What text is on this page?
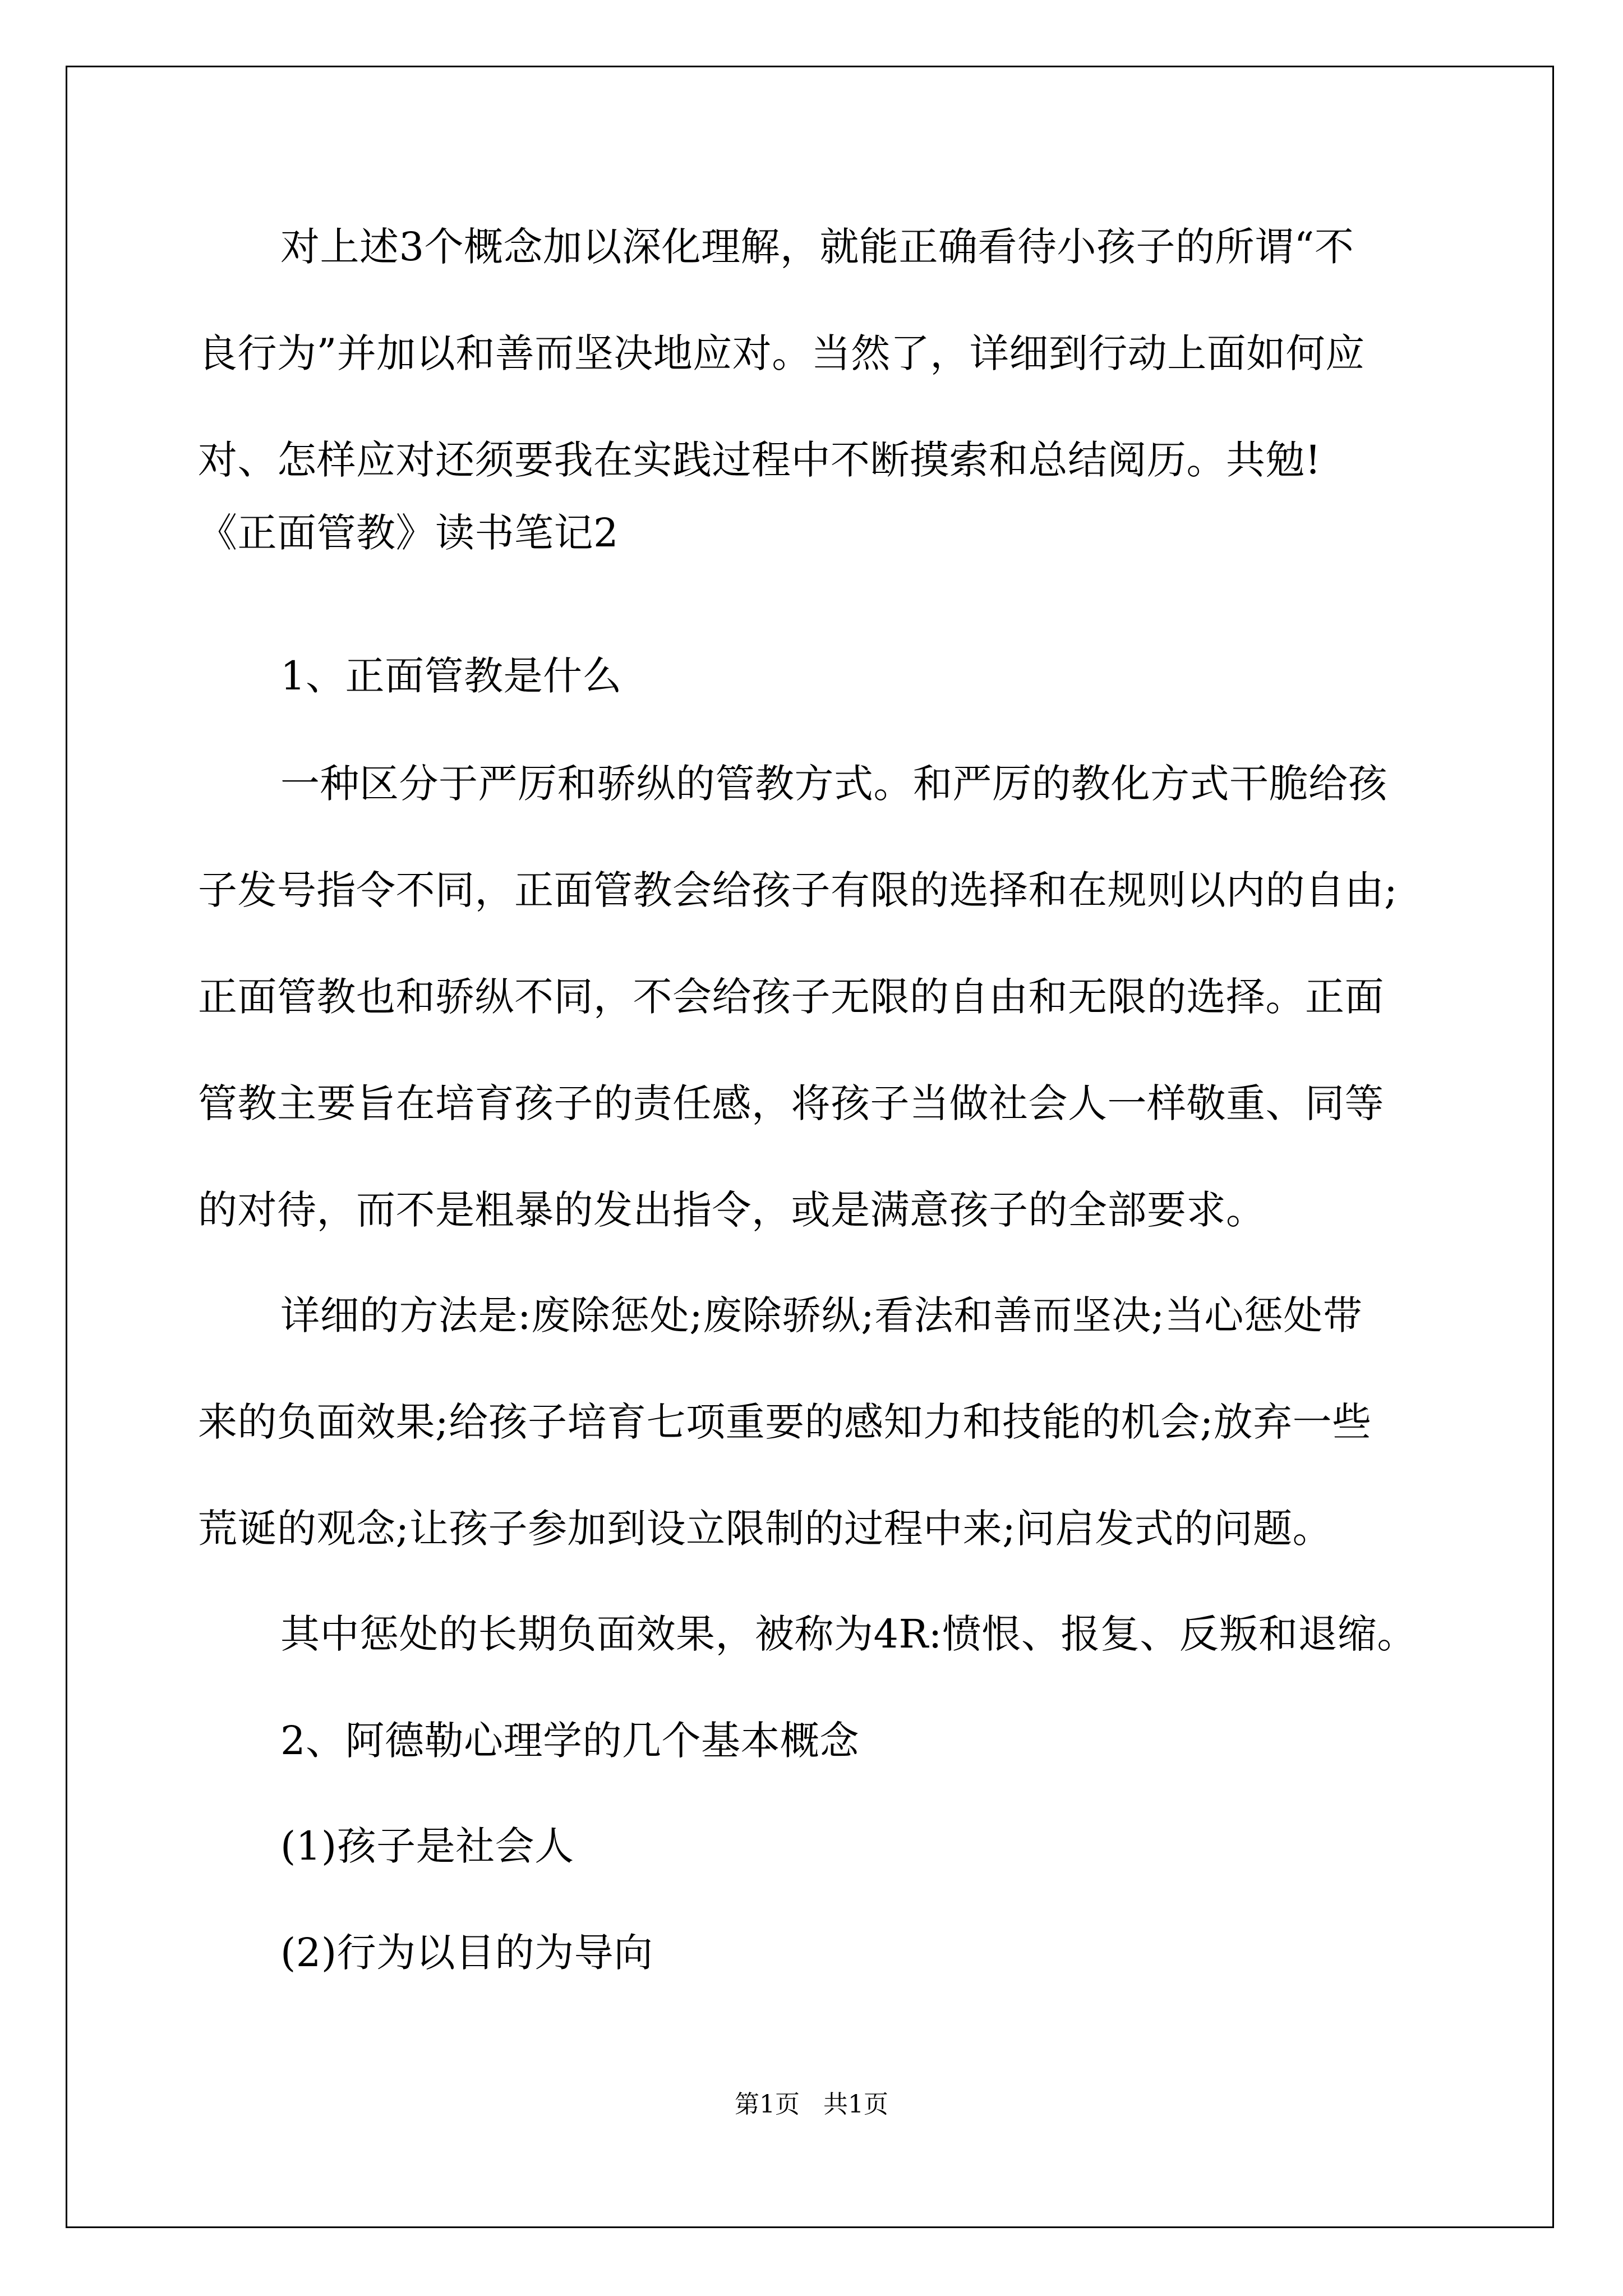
对上述3个概念加以深化理解，就能正确看待小孩子的所谓“不
良行为”并加以和善而坚决地应对。当然了，详细到行动上面如何应
对、怎样应对还须要我在实践过程中不断摸索和总结阅历。共勉!
《正面管教》读书笔记2
1、正面管教是什么
一种区分于严厉和骄纵的管教方式。和严厉的教化方式干脆给孩
子发号指令不同，正面管教会给孩子有限的选择和在规则以内的自由;
正面管教也和骄纵不同，不会给孩子无限的自由和无限的选择。正面
管教主要旨在培育孩子的责任感，将孩子当做社会人一样敬重、同等
的对待，而不是粗暴的发出指令，或是满意孩子的全部要求。
详细的方法是:废除惩处;废除骄纵;看法和善而坚决;当心惩处带
来的负面效果;给孩子培育七项重要的感知力和技能的机会;放弃一些
荒诞的观念;让孩子参加到设立限制的过程中来;问启发式的问题。
其中惩处的长期负面效果，被称为4R:愤恨、报复、反叛和退缩。
2、阿德勒心理学的几个基本概念
(1)孩子是社会人
(2)行为以目的为导向
第1页 共1页
